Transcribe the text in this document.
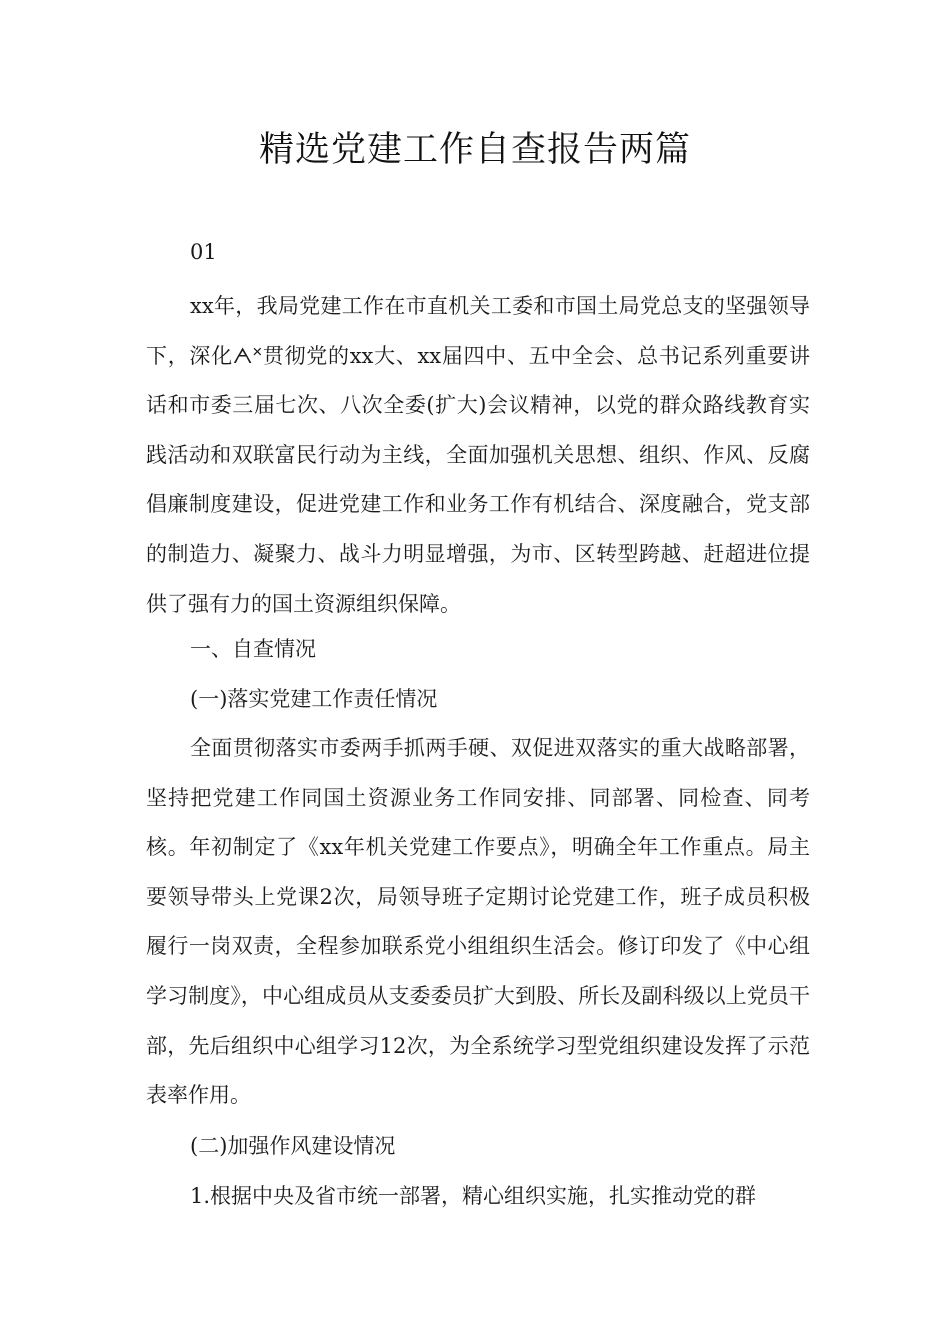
精选党建工作自查报告两篇
01

xx年，我局党建工作在市直机关工委和市国土局党总支的坚强领导下，深化ᗅᕁ贯彻党的xx大、xx届四中、五中全会、总书记系列重要讲话和市委三届七次、八次全委(扩大)会议精神，以党的群众路线教育实践活动和双联富民行动为主线，全面加强机关思想、组织、作风、反腐倡廉制度建设，促进党建工作和业务工作有机结合、深度融合，党支部的制造力、凝聚力、战斗力明显增强，为市、区转型跨越、赶超进位提供了强有力的国土资源组织保障。

一、自查情况
(一)落实党建工作责任情况

全面贯彻落实市委两手抓两手硬、双促进双落实的重大战略部署，坚持把党建工作同国土资源业务工作同安排、同部署、同检查、同考核。年初制定了《xx年机关党建工作要点》，明确全年工作重点。局主要领导带头上党课2次，局领导班子定期讨论党建工作，班子成员积极履行一岗双责，全程参加联系党小组组织生活会。修订印发了《中心组学习制度》，中心组成员从支委委员扩大到股、所长及副科级以上党员干部，先后组织中心组学习12次，为全系统学习型党组织建设发挥了示范表率作用。

(二)加强作风建设情况
1.根据中央及省市统一部署，精心组织实施，扎实推动党的群
